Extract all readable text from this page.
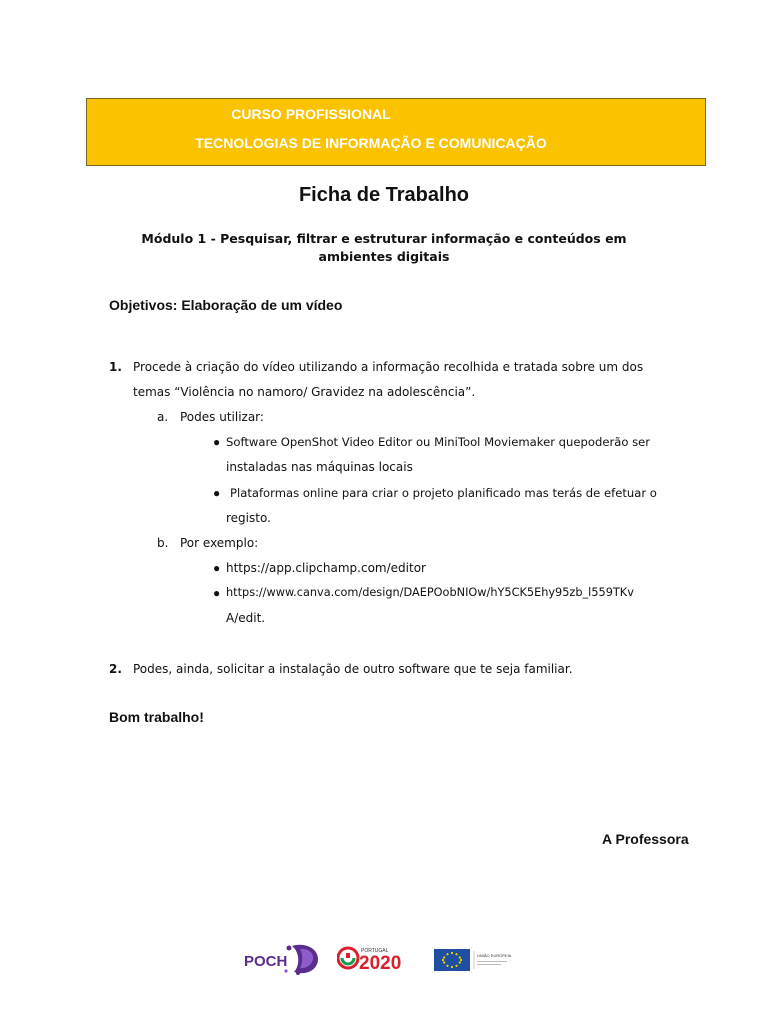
CURSO PROFISSIONAL
TECNOLOGIAS DE INFORMAÇÃO E COMUNICAÇÃO
Ficha de Trabalho
Módulo 1 - Pesquisar, filtrar e estruturar informação e conteúdos em ambientes digitais
Objetivos: Elaboração de um vídeo
1. Procede à criação do vídeo utilizando a informação recolhida e tratada sobre um dos
temas “Violência no namoro/ Gravidez na adolescência”.
a. Podes utilizar:
● Software OpenShot Video Editor ou MiniTool Moviemaker quepoderão ser
instaladas nas máquinas locais
● Plataformas online para criar o projeto planificado mas terás de efetuar o
registo.
b. Por exemplo:
● https://app.clipchamp.com/editor
● https://www.canva.com/design/DAEPOobNIOw/hY5CK5Ehy95zb_l559TKv
A/edit.
2. Podes, ainda, solicitar a instalação de outro software que te seja familiar.
Bom trabalho!
A Professora
POCH
PORTUGAL
2020	UNIÃO EUROPEIA
